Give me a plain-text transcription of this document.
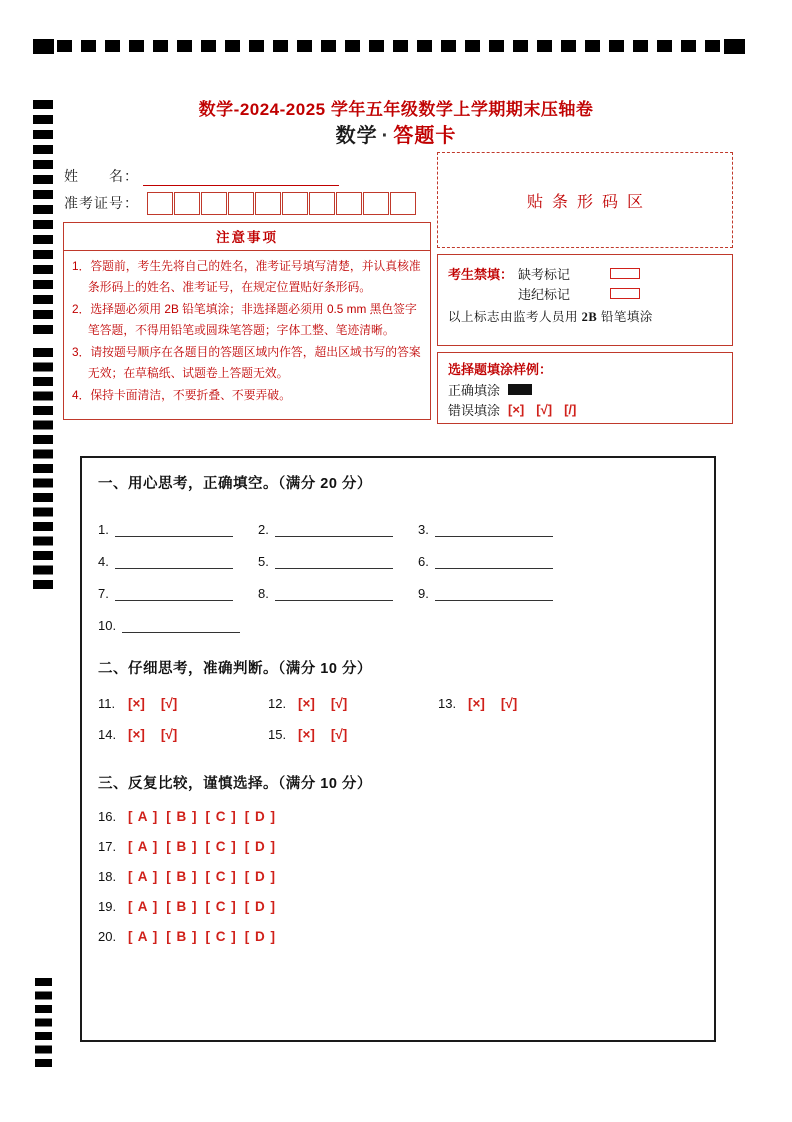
数学-2024-2025 学年五年级数学上学期期末压轴卷
数学 · 答题卡
姓　　名：
准考证号：	贴条形码区
注意事项
1．答题前，考生先将自己的姓名，准考证号填写清楚，并认真核准条形码上的姓名、准考证号，在规定位置贴好条形码。
2．选择题必须用 2B 铅笔填涂；非选择题必须用 0.5 mm 黑色签字笔答题，不得用铅笔或圆珠笔答题；字体工整、笔迹清晰。
3．请按题号顺序在各题目的答题区域内作答，超出区域书写的答案无效；在草稿纸、试题卷上答题无效。
4．保持卡面清洁，不要折叠、不要弄破。
考生禁填： 缺考标记
违纪标记
以上标志由监考人员用 2B 铅笔填涂
选择题填涂样例：
正确填涂
错误填涂 [×] [√] [/]
一、用心思考，正确填空。（满分 20 分）
1.	2.	3.
4.	5.	6.
7.	8.	9.
10.
二、仔细思考，准确判断。（满分 10 分）
11. [×] [√]	12. [×] [√]	13. [×] [√]
14. [×] [√]	15. [×] [√]
三、反复比较，谨慎选择。（满分 10 分）
16. [ A ] [ B ] [ C ] [ D ]
17. [ A ] [ B ] [ C ] [ D ]
18. [ A ] [ B ] [ C ] [ D ]
19. [ A ] [ B ] [ C ] [ D ]
20. [ A ] [ B ] [ C ] [ D ]
